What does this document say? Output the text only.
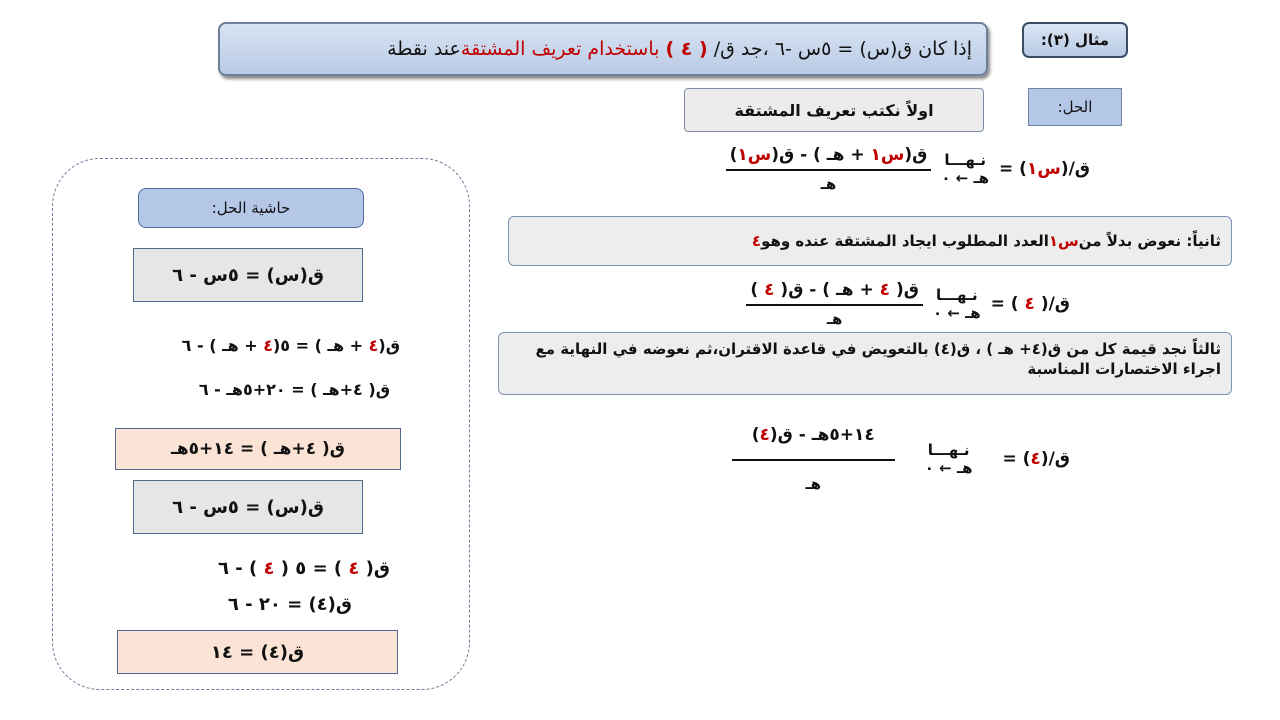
إذا كان ق(س) = ٥س -٦ ،جد ق/ ( ٤ ) باستخدام تعريف المشتقةعند نقطة	مثال (٣):
الحل:
اولاً نكتب تعريف المشتقة
ق/(س١) =
نـهـــا
هـ ← ٠
$\frac{\text{ق(س١ + هـ ) - ق(س١)}}{\text{هـ}}$
ثانياً: نعوض بدلاً من
س١
العدد المطلوب ايجاد المشتقة عنده وهو
٤
ق/( ٤ ) =
نـهـــا
هـ ← ٠
$\frac{\text{ق( ٤ + هـ ) - ق( ٤ )}}{\text{هـ}}$
ثالثاً نجد قيمة كل من ق(٤+ هـ ) ، ق(٤) بالتعويض في قاعدة الاقتران،ثم نعوضه في النهاية مع اجراء الاختصارات المناسبة
ق/(٤) =
نـهـــا
هـ ← ٠
$\frac{\text{١٤+٥هـ - ق(٤)}}{\text{هـ}}$
حاشية الحل:
ق(س) = ٥س - ٦
ق(٤ + هـ ) = ٥(٤ + هـ ) - ٦
ق( ٤+هـ ) = ٢٠+٥هـ - ٦
ق( ٤+هـ ) = ١٤+٥هـ
ق(س) = ٥س - ٦
ق( ٤ ) = ٥ ( ٤ ) - ٦
ق(٤) = ٢٠ - ٦
ق(٤) = ١٤
